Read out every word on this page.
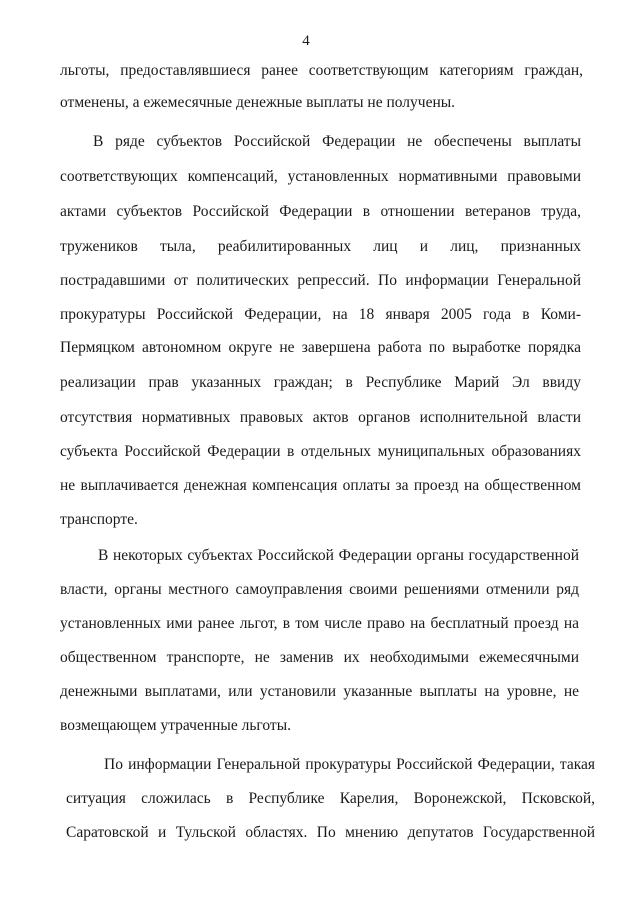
4
льготы, предоставлявшиеся ранее соответствующим категориям граждан,
отменены, а ежемесячные денежные выплаты не получены.
В ряде субъектов Российской Федерации не обеспечены выплаты
соответствующих компенсаций, установленных нормативными правовыми
актами субъектов Российской Федерации в отношении ветеранов труда,
тружеников тыла, реабилитированных лиц и лиц, признанных
пострадавшими от политических репрессий. По информации Генеральной
прокуратуры Российской Федерации, на 18 января 2005 года в Коми-
Пермяцком автономном округе не завершена работа по выработке порядка
реализации прав указанных граждан; в Республике Марий Эл ввиду
отсутствия нормативных правовых актов органов исполнительной власти
субъекта Российской Федерации в отдельных муниципальных образованиях
не выплачивается денежная компенсация оплаты за проезд на общественном
транспорте.
В некоторых субъектах Российской Федерации органы государственной
власти, органы местного самоуправления своими решениями отменили ряд
установленных ими ранее льгот, в том числе право на бесплатный проезд на
общественном транспорте, не заменив их необходимыми ежемесячными
денежными выплатами, или установили указанные выплаты на уровне, не
возмещающем утраченные льготы.
По информации Генеральной прокуратуры Российской Федерации, такая
ситуация сложилась в Республике Карелия, Воронежской, Псковской,
Саратовской и Тульской областях. По мнению депутатов Государственной
